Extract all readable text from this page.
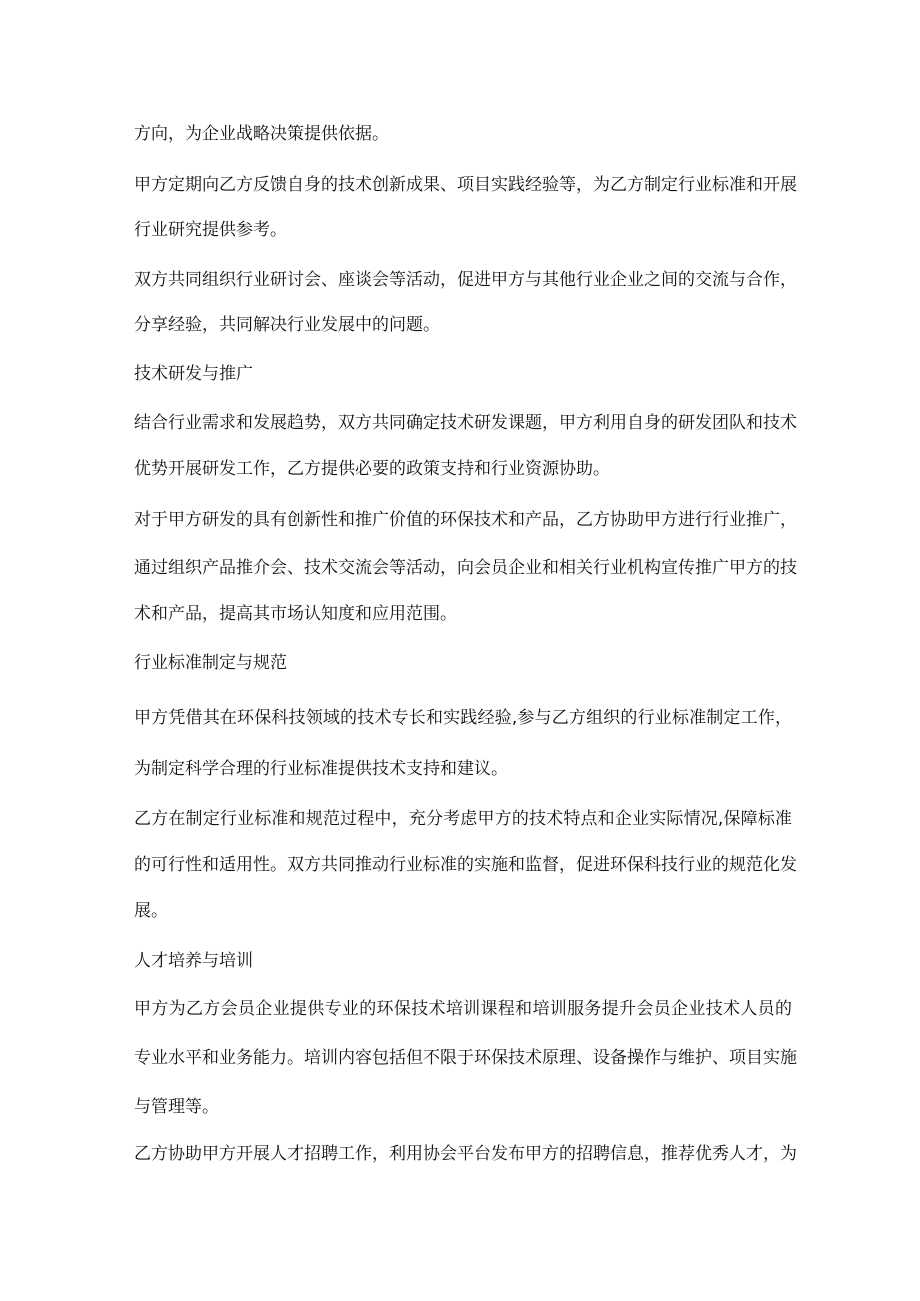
方向，为企业战略决策提供依据。

甲方定期向乙方反馈自身的技术创新成果、项目实践经验等，为乙方制定行业标准和开展

行业研究提供参考。

双方共同组织行业研讨会、座谈会等活动，促进甲方与其他行业企业之间的交流与合作，

分享经验，共同解决行业发展中的问题。

技术研发与推广

结合行业需求和发展趋势，双方共同确定技术研发课题，甲方利用自身的研发团队和技术

优势开展研发工作，乙方提供必要的政策支持和行业资源协助。

对于甲方研发的具有创新性和推广价值的环保技术和产品，乙方协助甲方进行行业推广，

通过组织产品推介会、技术交流会等活动，向会员企业和相关行业机构宣传推广甲方的技

术和产品，提高其市场认知度和应用范围。

行业标准制定与规范

甲方凭借其在环保科技领域的技术专长和实践经验,参与乙方组织的行业标准制定工作，

为制定科学合理的行业标准提供技术支持和建议。

乙方在制定行业标准和规范过程中，充分考虑甲方的技术特点和企业实际情况,保障标准

的可行性和适用性。双方共同推动行业标准的实施和监督，促进环保科技行业的规范化发

展。

人才培养与培训

甲方为乙方会员企业提供专业的环保技术培训课程和培训服务提升会员企业技术人员的

专业水平和业务能力。培训内容包括但不限于环保技术原理、设备操作与维护、项目实施

与管理等。

乙方协助甲方开展人才招聘工作，利用协会平台发布甲方的招聘信息，推荐优秀人才，为
